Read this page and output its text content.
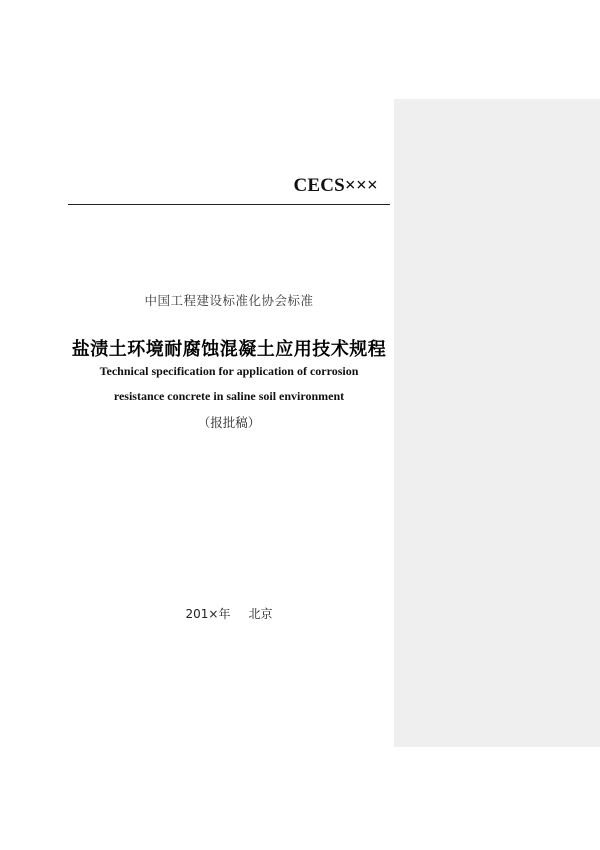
CECS×××
中国工程建设标准化协会标准
盐渍土环境耐腐蚀混凝土应用技术规程
Technical specification for application of corrosion
resistance concrete in saline soil environment
（报批稿）
201×年 北京
